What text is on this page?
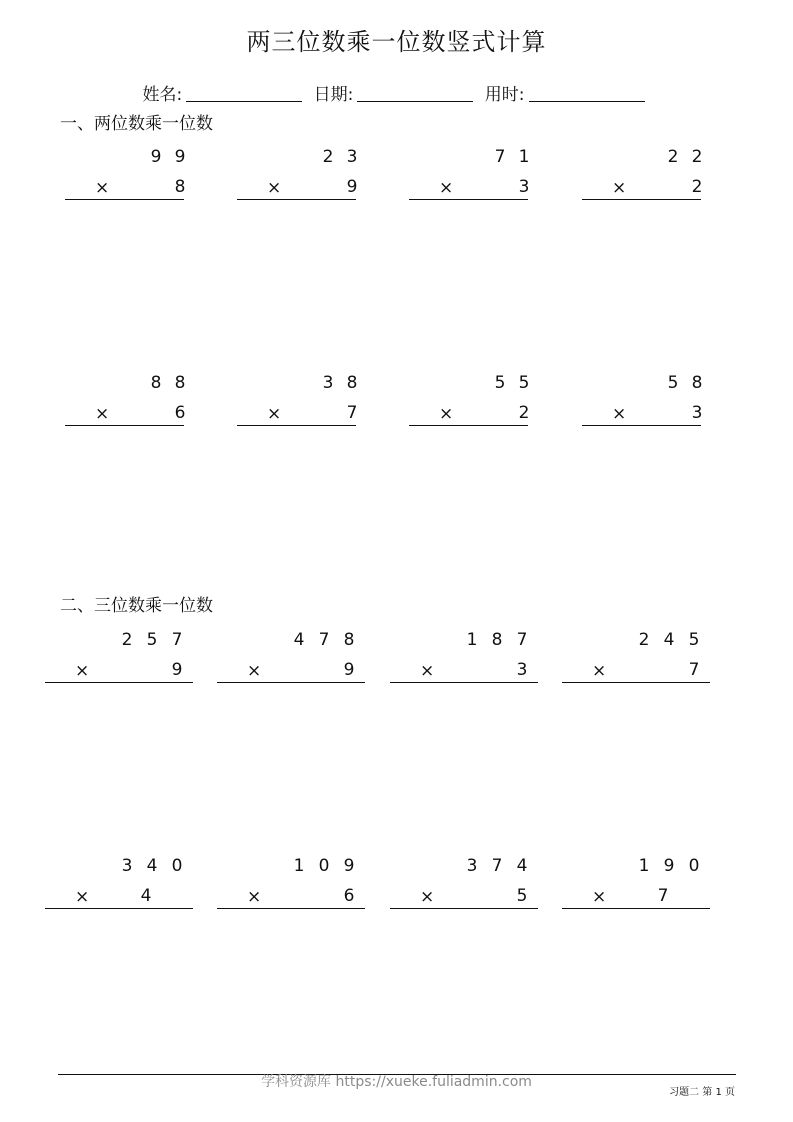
两三位数乘一位数竖式计算
姓名:	日期:	用时:
一、两位数乘一位数
二、三位数乘一位数
9 9
×	8
2 3
×	9
7 1
×	3
2 2
×	2
8 8
×	6
3 8
×	7
5 5
×	2
5 8
×	3
2 5 7
×	9
4 7 8
×	9
1 8 7
×	3
2 4 5
×	7
3 4 0
×	4
1 0 9
×	6
3 7 4
×	5
1 9 0
×	7
学科资源库 https://xueke.fuliadmin.com
习题二 第 1 页
